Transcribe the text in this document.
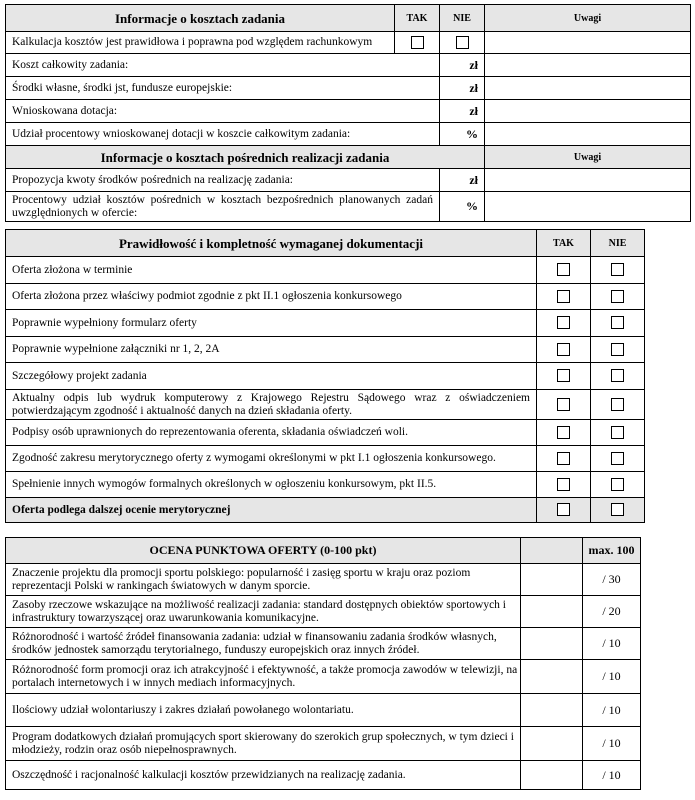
Informacje o kosztach zadania	TAK	NIE	Uwagi
Kalkulacja kosztów jest prawidłowa i poprawna pod względem rachunkowym			
Koszt całkowity zadania:		zł	
Środki własne, środki jst, fundusze europejskie:		zł	
Wnioskowana dotacja:		zł	
Udział procentowy wnioskowanej dotacji w koszcie całkowitym zadania:		%	
Informacje o kosztach pośrednich realizacji zadania			Uwagi
Propozycja kwoty środków pośrednich na realizację zadania:		zł	
Procentowy udział kosztów pośrednich w kosztach bezpośrednich planowanych zadań uwzględnionych w ofercie:		%	
Prawidłowość i kompletność wymaganej dokumentacji	TAK	NIE
Oferta złożona w terminie		
Oferta złożona przez właściwy podmiot zgodnie z pkt II.1 ogłoszenia konkursowego		
Poprawnie wypełniony formularz oferty		
Poprawnie wypełnione załączniki nr 1, 2, 2A		
Szczegółowy projekt zadania		
Aktualny odpis lub wydruk komputerowy z Krajowego Rejestru Sądowego wraz z oświadczeniem potwierdzającym zgodność i aktualność danych na dzień składania oferty.		
Podpisy osób uprawnionych do reprezentowania oferenta, składania oświadczeń woli.		
Zgodność zakresu merytorycznego oferty z wymogami określonymi w pkt I.1 ogłoszenia konkursowego.		
Spełnienie innych wymogów formalnych określonych w ogłoszeniu konkursowym, pkt II.5.		
Oferta podlega dalszej ocenie merytorycznej		
OCENA PUNKTOWA OFERTY (0-100 pkt)		max. 100
Znaczenie projektu dla promocji sportu polskiego: popularność i zasięg sportu w kraju oraz poziom reprezentacji Polski w rankingach światowych w danym sporcie.		/ 30
Zasoby rzeczowe wskazujące na możliwość realizacji zadania: standard dostępnych obiektów sportowych i infrastruktury towarzyszącej oraz uwarunkowania komunikacyjne.		/ 20
Różnorodność i wartość źródeł finansowania zadania: udział w finansowaniu zadania środków własnych, środków jednostek samorządu terytorialnego, funduszy europejskich oraz innych źródeł.		/ 10
Różnorodność form promocji oraz ich atrakcyjność i efektywność, a także promocja zawodów w telewizji, na portalach internetowych i w innych mediach informacyjnych.		/ 10
Ilościowy udział wolontariuszy i zakres działań powołanego wolontariatu.		/ 10
Program dodatkowych działań promujących sport skierowany do szerokich grup społecznych, w tym dzieci i młodzieży, rodzin oraz osób niepełnosprawnych.		/ 10
Oszczędność i racjonalność kalkulacji kosztów przewidzianych na realizację zadania.		/ 10
